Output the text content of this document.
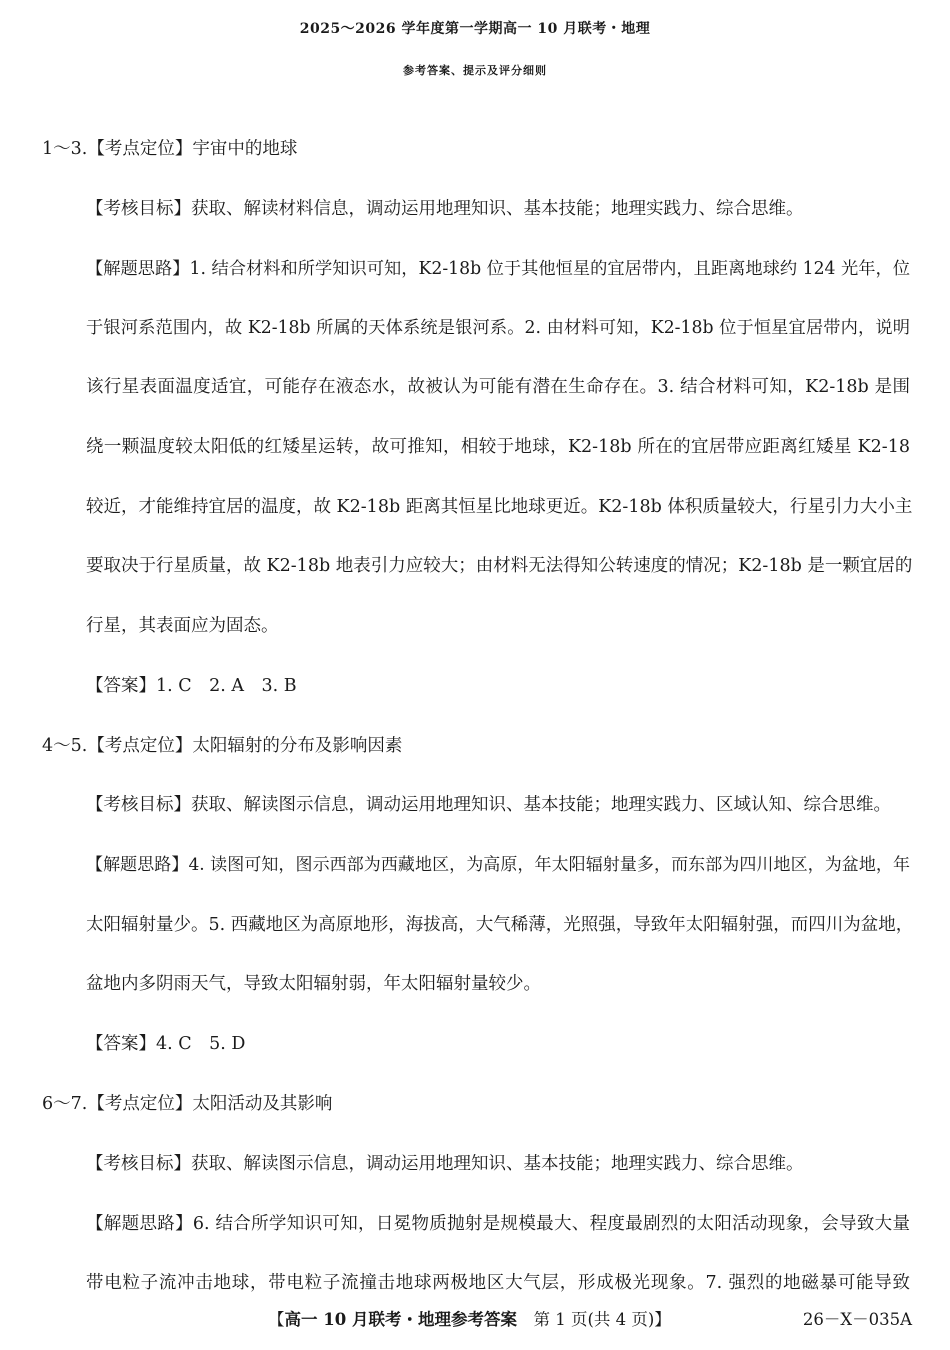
2025～2026 学年度第一学期高一 10 月联考・地理
参考答案、提示及评分细则
1～3.【考点定位】宇宙中的地球
【考核目标】获取、解读材料信息，调动运用地理知识、基本技能；地理实践力、综合思维。
【解题思路】1. 结合材料和所学知识可知，K2-18b 位于其他恒星的宜居带内，且距离地球约 124 光年，位
于银河系范围内，故 K2-18b 所属的天体系统是银河系。2. 由材料可知，K2-18b 位于恒星宜居带内，说明
该行星表面温度适宜，可能存在液态水，故被认为可能有潜在生命存在。3. 结合材料可知，K2-18b 是围
绕一颗温度较太阳低的红矮星运转，故可推知，相较于地球，K2-18b 所在的宜居带应距离红矮星 K2-18
较近，才能维持宜居的温度，故 K2-18b 距离其恒星比地球更近。K2-18b 体积质量较大，行星引力大小主
要取决于行星质量，故 K2-18b 地表引力应较大；由材料无法得知公转速度的情况；K2-18b 是一颗宜居的
行星，其表面应为固态。
【答案】1. C　2. A　3. B
4～5.【考点定位】太阳辐射的分布及影响因素
【考核目标】获取、解读图示信息，调动运用地理知识、基本技能；地理实践力、区域认知、综合思维。
【解题思路】4. 读图可知，图示西部为西藏地区，为高原，年太阳辐射量多，而东部为四川地区，为盆地，年
太阳辐射量少。5. 西藏地区为高原地形，海拔高，大气稀薄，光照强，导致年太阳辐射强，而四川为盆地，
盆地内多阴雨天气，导致太阳辐射弱，年太阳辐射量较少。
【答案】4. C　5. D
6～7.【考点定位】太阳活动及其影响
【考核目标】获取、解读图示信息，调动运用地理知识、基本技能；地理实践力、综合思维。
【解题思路】6. 结合所学知识可知，日冕物质抛射是规模最大、程度最剧烈的太阳活动现象，会导致大量
带电粒子流冲击地球，带电粒子流撞击地球两极地区大气层，形成极光现象。7. 强烈的地磁暴可能导致
【高一 10 月联考・地理参考答案　 第 1 页(共 4 页)】	26－X－035A
